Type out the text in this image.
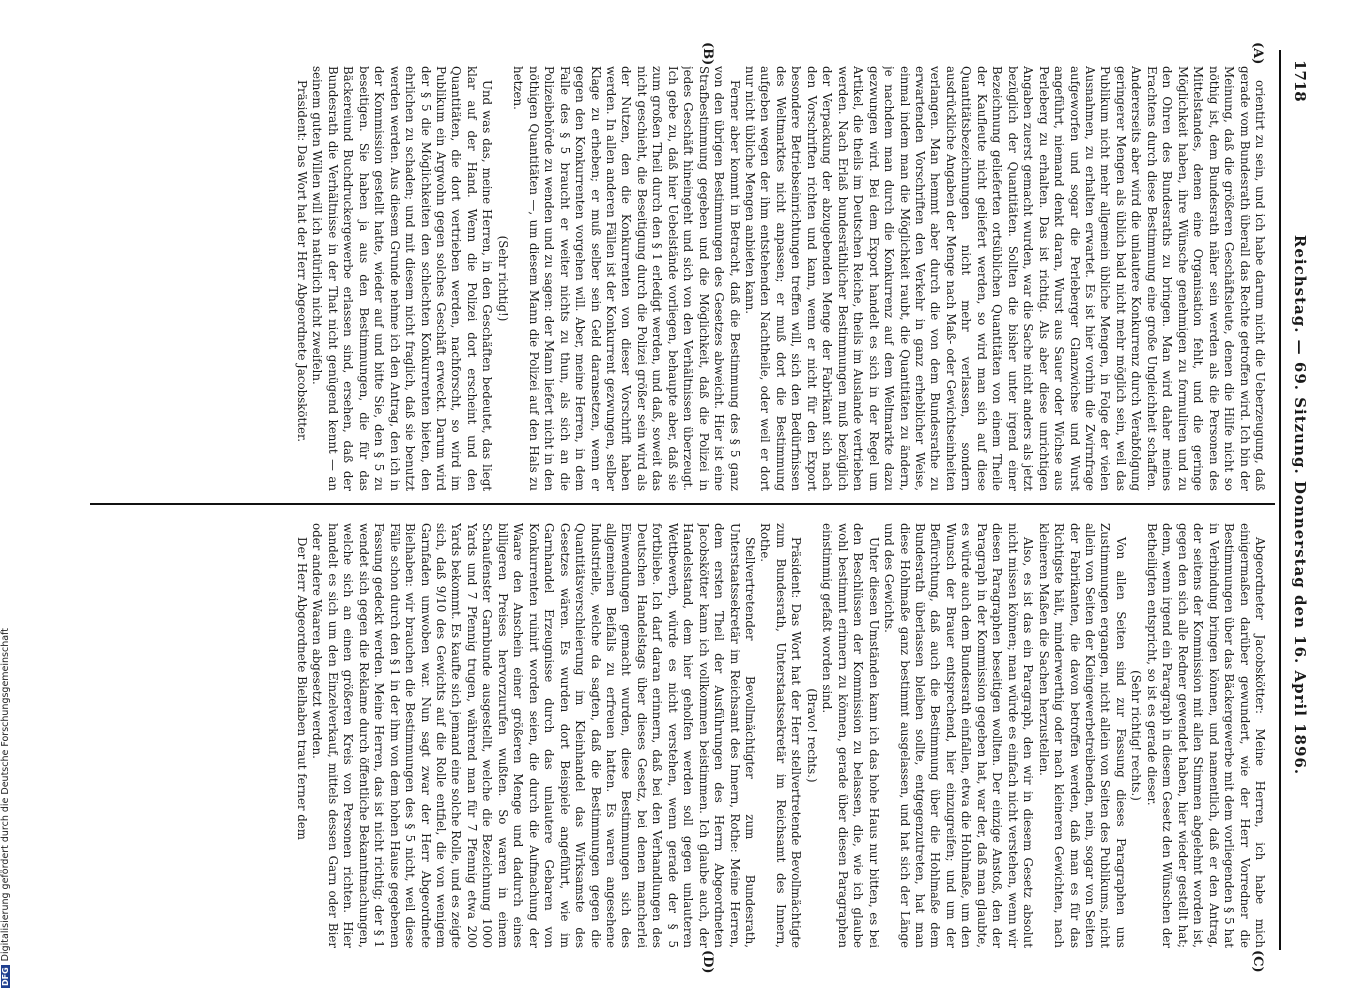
1718
Reichstag. — 69. Sitzung. Donnerstag den 16. April 1896.
(A)
(B)
(C)
(D)

orientirt zu sein, und ich habe darum nicht die Ueberzeugung, daß gerade vom Bundesrath überall das Rechte getroffen wird. Ich bin der Meinung, daß die größeren Geschäftsleute, denen die Hilfe nicht so nöthig ist, dem Bundesrath näher sein werden als die Personen des Mittelstandes, denen eine Organisation fehlt, und die geringe Möglichkeit haben, ihre Wünsche genehmigen zu formuliren und zu den Ohren des Bundesraths zu bringen. Man wird daher meines Erachtens durch diese Bestimmung eine große Ungleichheit schaffen. Andererseits aber wird die unlautere Konkurrenz durch Verabfolgung geringerer Mengen als üblich bald nicht mehr möglich sein, weil das Publikum nicht mehr allgemein übliche Mengen, in Folge der vielen Ausnahmen, zu erhalten erwartet. Es ist hier vorhin die Zwirnfrage aufgeworfen und sogar die Perleberger Glanzwichse und Wurst angeführt, niemand denkt daran, Wurst aus Sauer oder Wichse aus Perleberg zu erhalten. Das ist richtig. Als aber diese unrichtigen Angaben zuerst gemacht wurden, war die Sache nicht anders als jetzt bezüglich der Quantitäten. Sollten die bisher unter irgend einer Bezeichnung gelieferten ortsüblichen Quantitäten von einem Theile der Kaufleute nicht geliefert werden, so wird man sich auf diese Quantitätsbezeichnungen nicht mehr verlassen, sondern ausdrückliche Angaben der Menge nach Maß- oder Gewichtseinheiten verlangen. Man hemmt aber durch die von dem Bundesrathe zu erwartenden Vorschriften den Verkehr in ganz erheblicher Weise, einmal indem man die Möglichkeit raubt, die Quantitäten zu ändern, je nachdem man durch die Konkurrenz auf dem Weltmarkte dazu gezwungen wird. Bei dem Export handelt es sich in der Regel um Artikel, die theils im Deutschen Reiche, theils im Auslande vertrieben werden. Nach Erlaß bundesräthlicher Bestimmungen muß bezüglich der Verpackung der abzugebenden Menge der Fabrikant sich nach den Vorschriften richten und kann, wenn er nicht für den Export besondere Betriebseinrichtungen treffen will, sich den Bedürfnissen des Weltmarktes nicht anpassen; er muß dort die Bestimmung aufgeben wegen der ihm entstehenden Nachtheile, oder weil er dort nur nicht übliche Mengen anbieten kann.

Ferner aber kommt in Betracht, daß die Bestimmung des § 5 ganz von den übrigen Bestimmungen des Gesetzes abweicht. Hier ist eine Strafbestimmung gegeben und die Möglichkeit, daß die Polizei in jedes Geschäft hineingeht und sich von den Verhältnissen überzeugt. Ich gebe zu, daß hier Uebelstände vorliegen, behaupte aber, daß sie zum großen Theil durch den § 1 erledigt werden, und daß, soweit das nicht geschieht, die Beseitigung durch die Polizei größer sein wird als der Nutzen, den die Konkurrenten von dieser Vorschrift haben werden. In allen anderen Fällen ist der Konkurrent gezwungen, selber Klage zu erheben; er muß selber sein Geld daransetzen, wenn er gegen den Konkurrenten vorgehen will. Aber, meine Herren, in dem Falle des § 5 braucht er weiter nichts zu thun, als sich an die Polizeibehörde zu wenden und zu sagen: der Mann liefert nicht in den nöthigen Quantitäten —, um diesem Mann die Polizei auf den Hals zu hetzen.

(Sehr richtig!)

Und was das, meine Herren, in den Geschäften bedeutet, das liegt klar auf der Hand. Wenn die Polizei dort erscheint und den Quantitäten, die dort vertrieben werden, nachforscht, so wird im Publikum ein Argwohn gegen solches Geschäft erweckt. Darum wird der § 5 die Möglichkeiten den schlechten Konkurrenten bieten, den ehrlichen zu schaden; und mit diesem nicht fraglich, daß sie benutzt werden werden. Aus diesem Grunde nehme ich den Antrag, den ich in der Kommission gestellt hatte, wieder auf und bitte Sie, den § 5 zu beseitigen. Sie haben ja aus den Bestimmungen, die für das Bäckereiund Buchdruckergewerbe erlassen sind, ersehen, daß der Bundesrath die Verhältnisse in der That nicht genügend kennt — an seinem guten Willen will ich natürlich nicht zweifeln.

Präsident: Das Wort hat der Herr Abgeordnete Jacobskötter.

Abgeordneter Jacobskötter: Meine Herren, ich habe mich einigermaßen darüber gewundert, wie der Herr Vorredner die Bestimmungen über das Bäckergewerbe mit dem vorliegenden § 5 hat in Verbindung bringen können, und namentlich, daß er den Antrag, der seitens der Kommission mit allen Stimmen abgelehnt worden ist, gegen den sich alle Redner gewendet haben, hier wieder gestellt hat; denn, wenn irgend ein Paragraph in diesem Gesetz den Wünschen der Betheiligten entspricht, so ist es gerade dieser.

(Sehr richtig! rechts.)

Von allen Seiten sind zur Fassung dieses Paragraphen uns Zustimmungen ergangen, nicht allein von Seiten des Publikums, nicht allein von Seiten der Kleingewerbetreibenden, nein, sogar von Seiten der Fabrikanten, die davon betroffen werden, daß man es für das Richtigste hält, minderwerthig oder nach kleineren Gewichten, nach kleineren Maßen die Sachen herzustellen.

Also, es ist das ein Paragraph, den wir in diesem Gesetz absolut nicht missen können; man würde es einfach nicht verstehen, wenn wir diesen Paragraphen beseitigen wollten. Der einzige Anstoß, den der Paragraph in der Kommission gegeben hat, war der, daß man glaubte, es würde auch dem Bundesrath einfallen, etwa die Hohlmaße, um den Wunsch der Brauer entsprechend, hier einzugreifen; und um der Befürchtung, daß auch die Bestimmung über die Hohlmaße dem Bundesrath überlassen bleiben sollte, entgegenzutreten, hat man diese Hohlmaße ganz bestimmt ausgelassen, und hat sich der Länge und des Gewichts.

Unter diesen Umständen kann ich das hohe Haus nur bitten, es bei den Beschlüssen der Kommission zu belassen, die, wie ich glaube wohl bestimmt erinnern zu können, gerade über diesen Paragraphen einstimmig gefaßt worden sind.

(Bravo! rechts.)

Präsident: Das Wort hat der Herr stellvertretende Bevollmächtigte zum Bundesrath, Unterstaatssekretär im Reichsamt des Innern, Rothe.

Stellvertretender Bevollmächtigter zum Bundesrath, Unterstaatssekretär im Reichsamt des Innern, Rothe: Meine Herren, dem ersten Theil der Ausführungen des Herrn Abgeordneten Jacobskötter kann ich vollkommen beistimmen. Ich glaube auch, der Handelsstand, dem hier geholfen werden soll gegen unlauteren Wettbewerb, würde es nicht verstehen, wenn gerade der § 5 fortbliebe. Ich darf daran erinnern, daß bei den Verhandlungen des Deutschen Handelstags über dieses Gesetz, bei denen mancherlei Einwendungen gemacht wurden, diese Bestimmungen sich des allgemeinen Beifalls zu erfreuen hatten. Es waren angesehene Industrielle, welche da sagten, daß die Bestimmungen gegen die Quantitätsverschleierung im Kleinhandel das Wirksamste des Gesetzes wären. Es wurden dort Beispiele angeführt, wie im Garnhandel Erzeugnisse durch das unlautere Gebaren von Konkurrenten ruinirt worden seien, die durch die Aufmachung der Waare den Anschein einer größeren Menge und dadurch eines billigeren Preises hervorzurufen wußten. So waren in einem Schaufenster Garnbunde ausgestellt, welche die Bezeichnung 1000 Yards und 7 Pfennig trugen, während man für 7 Pfennig etwa 200 Yards bekommt. Es kaufte sich jemand eine solche Rolle, und es zeigte sich, daß 9/10 des Gewichts auf die Rolle entfiel, die von wenigem Garnfaden umwoben war. Nun sagt zwar der Herr Abgeordnete Bielhaben: wir brauchen die Bestimmungen des § 5 nicht, weil diese Fälle schon durch den § 1 in der ihm von dem hohen Hause gegebenen Fassung gedeckt werden. Meine Herren, das ist nicht richtig; der § 1 wendet sich gegen die Reklame durch öffentliche Bekanntmachungen, welche sich an einen größeren Kreis von Personen richten. Hier handelt es sich um den Einzelverkauf, mittels dessen Garn oder Bier oder andere Waaren abgesetzt werden.

Der Herr Abgeordnete Bielhaben traut ferner dem

DFGDigitalisierung gefördert durch die Deutsche Forschungsgemeinschaft
